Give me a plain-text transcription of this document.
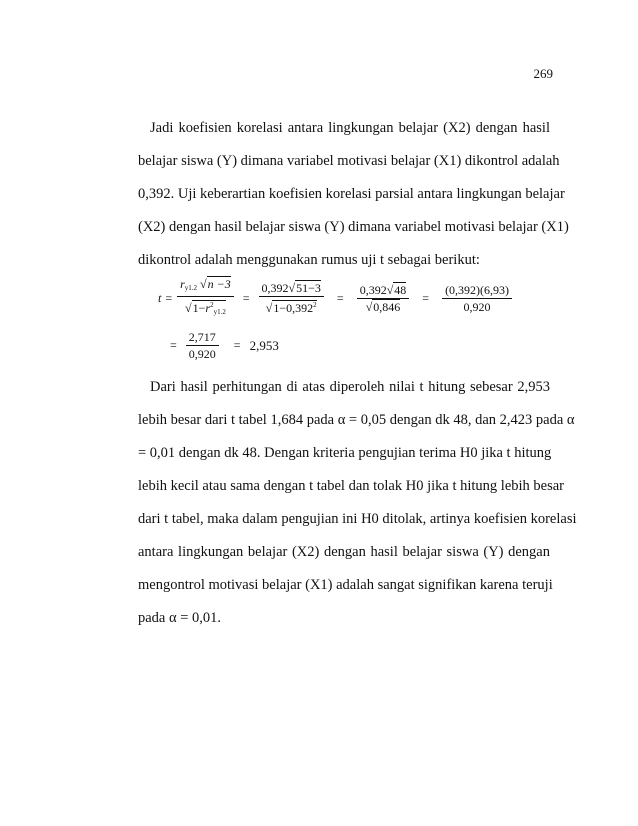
269
Jadi koefisien korelasi antara lingkungan belajar (X2) dengan hasil
belajar siswa (Y) dimana variabel motivasi belajar (X1) dikontrol adalah
0,392. Uji keberartian koefisien korelasi parsial antara lingkungan belajar
(X2) dengan hasil belajar siswa (Y) dimana variabel motivasi belajar (X1)
dikontrol adalah menggunakan rumus uji t sebagai berikut:
$t = \frac{r_{y1.2} √n -3}{√1-r^2_{y1.2}} = \frac{0,392√51-3}{√1-0,392^2} = \frac{0,392√48}{√0,846} = \frac{(0,392)(6,93)}{0,920}$
= $\frac{2,717}{0,920} = 2,953$
Dari hasil perhitungan di atas diperoleh nilai t hitung sebesar 2,953
lebih besar dari t tabel 1,684 pada α = 0,05 dengan dk 48, dan 2,423 pada α
= 0,01 dengan dk 48. Dengan kriteria pengujian terima H0 jika t hitung
lebih kecil atau sama dengan t tabel dan tolak H0 jika t hitung lebih besar
dari t tabel, maka dalam pengujian ini H0 ditolak, artinya koefisien korelasi
antara lingkungan belajar (X2) dengan hasil belajar siswa (Y) dengan
mengontrol motivasi belajar (X1) adalah sangat signifikan karena teruji
pada α = 0,01.
